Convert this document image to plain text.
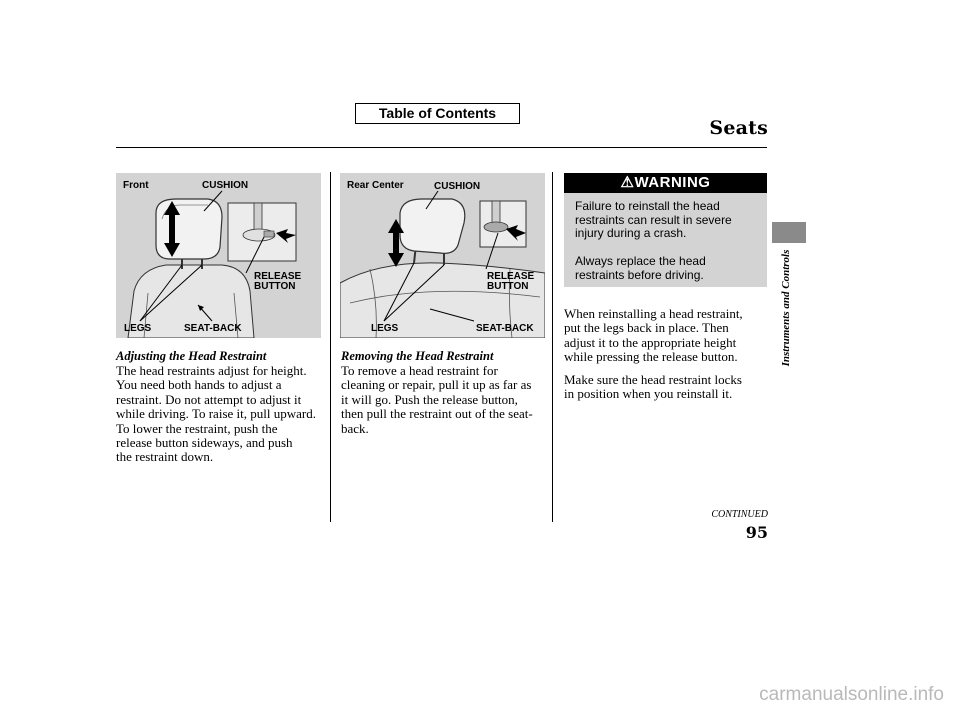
Table of Contents
Seats
Front	CUSHION
RELEASE
BUTTON
LEGS	SEAT-BACK
Rear Center	CUSHION
RELEASE
BUTTON
LEGS	SEAT-BACK
Adjusting the Head Restraint

The head restraints adjust for height.
You need both hands to adjust a
restraint. Do not attempt to adjust it
while driving. To raise it, pull upward.
To lower the restraint, push the
release button sideways, and push
the restraint down.

Removing the Head Restraint

To remove a head restraint for
cleaning or repair, pull it up as far as
it will go. Push the release button,
then pull the restraint out of the seat-
back.

⚠WARNING

Failure to reinstall the head
restraints can result in severe
injury during a crash.

Always replace the head
restraints before driving.

When reinstalling a head restraint,
put the legs back in place. Then
adjust it to the appropriate height
while pressing the release button.

Make sure the head restraint locks
in position when you reinstall it.

Instruments and Controls
CONTINUED
95
carmanualsonline.info
